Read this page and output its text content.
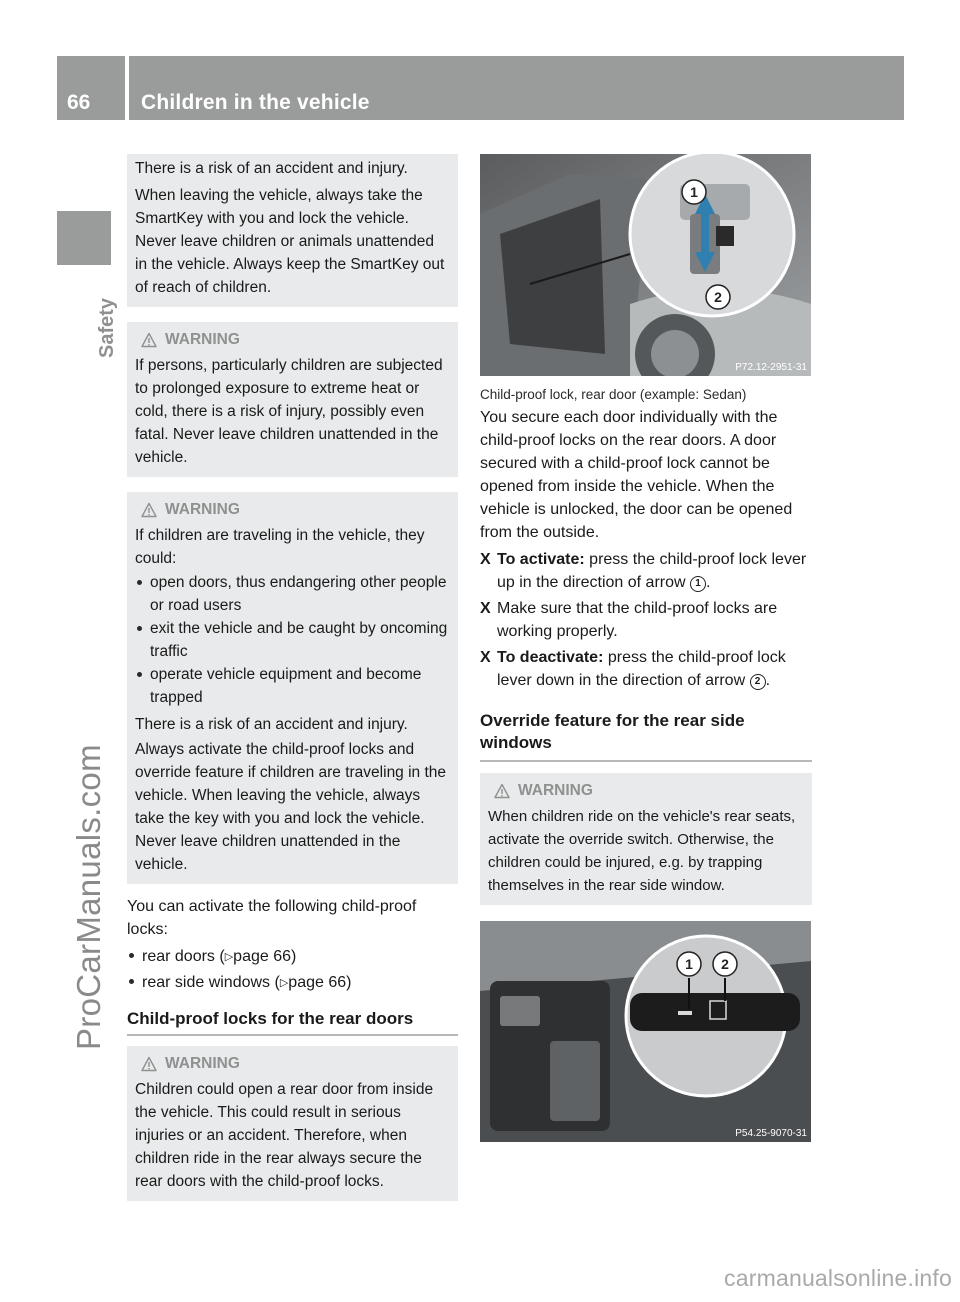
66 Children in the vehicle
Safety
ProCarManuals.com

There is a risk of an accident and injury.

When leaving the vehicle, always take the SmartKey with you and lock the vehicle. Never leave children or animals unattended in the vehicle. Always keep the SmartKey out of reach of children.

WARNING

If persons, particularly children are subjected to prolonged exposure to extreme heat or cold, there is a risk of injury, possibly even fatal. Never leave children unattended in the vehicle.

WARNING

If children are traveling in the vehicle, they could:

open doors, thus endangering other people or road users
exit the vehicle and be caught by oncoming traffic
operate vehicle equipment and become trapped

There is a risk of an accident and injury.

Always activate the child-proof locks and override feature if children are traveling in the vehicle. When leaving the vehicle, always take the key with you and lock the vehicle. Never leave children unattended in the vehicle.

You can activate the following child-proof locks:

rear doors (▷page 66)
rear side windows (▷page 66)

Child-proof locks for the rear doors

WARNING

Children could open a rear door from inside the vehicle. This could result in serious injuries or an accident. Therefore, when children ride in the rear always secure the rear doors with the child-proof locks.

1
2
P72.12-2951-31

Child-proof lock, rear door (example: Sedan)

You secure each door individually with the child-proof locks on the rear doors. A door secured with a child-proof lock cannot be opened from inside the vehicle. When the vehicle is unlocked, the door can be opened from the outside.

X To activate: press the child-proof lock lever up in the direction of arrow 1 .
X Make sure that the child-proof locks are working properly.
X To deactivate: press the child-proof lock lever down in the direction of arrow 2 .

Override feature for the rear side windows

WARNING

When children ride on the vehicle's rear seats, activate the override switch. Otherwise, the children could be injured, e.g. by trapping themselves in the rear side window.

1 2
P54.25-9070-31
carmanualsonline.info
